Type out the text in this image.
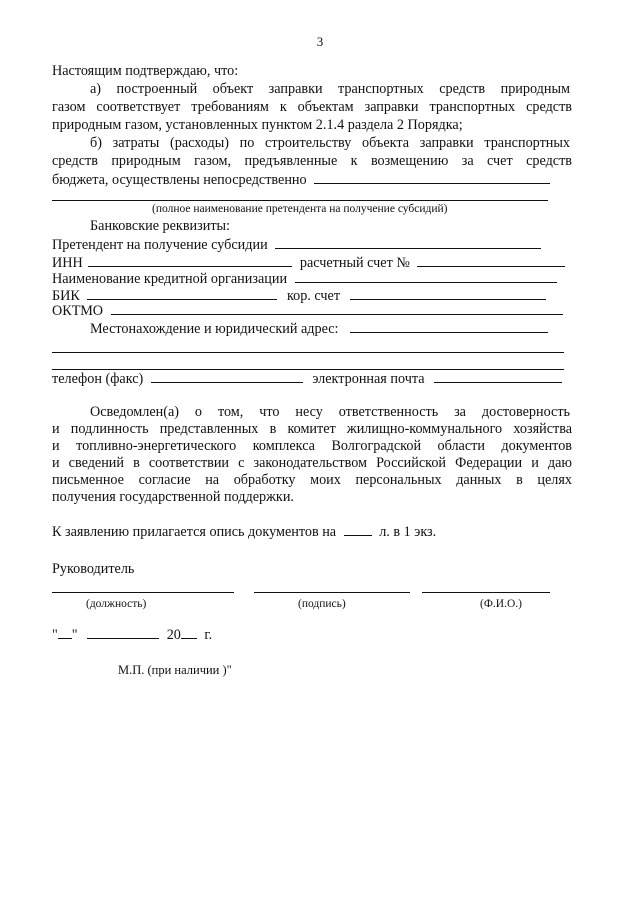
3
Настоящим подтверждаю, что:
а) построенный объект заправки транспортных средств природным
газом соответствует требованиям к объектам заправки транспортных средств
природным газом, установленных пунктом 2.1.4 раздела 2 Порядка;
б) затраты (расходы) по строительству объекта заправки транспортных
средств природным газом, предъявленные к возмещению за счет средств
бюджета, осуществлены непосредственно
(полное наименование претендента на получение субсидий)
Банковские реквизиты:
Претендент на получение субсидии
ИНН	расчетный счет №
Наименование кредитной организации
БИК	кор. счет
ОКТМО
Местонахождение и юридический адрес:
телефон (факс)	электронная почта
Осведомлен(а) о том, что несу ответственность за достоверность
и подлинность представленных в комитет жилищно-коммунального хозяйства
и топливно-энергетического комплекса Волгоградской области документов
и сведений в соответствии с законодательством Российской Федерации и даю
письменное согласие на обработку моих персональных данных в целях
получения государственной поддержки.
К заявлению прилагается опись документов на	л. в 1 экз.
Руководитель
(должность)	(подпись)	(Ф.И.О.)
" "	20 г.
М.П. (при наличии )"
